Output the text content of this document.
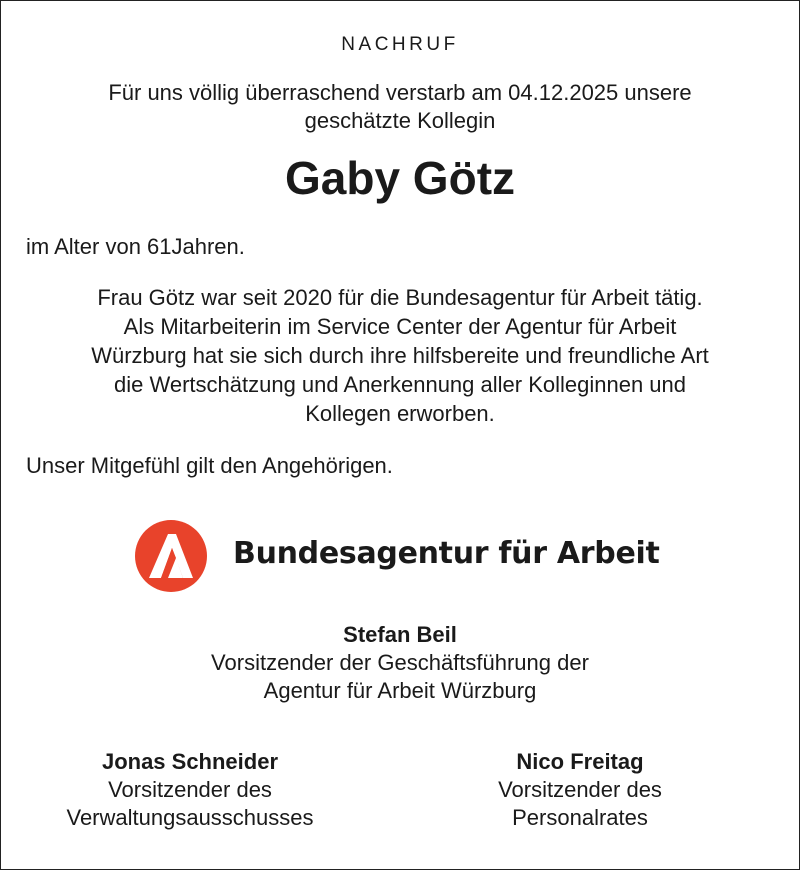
NACHRUF
Für uns völlig überraschend verstarb am 04.12.2025 unsere
geschätzte Kollegin
Gaby Götz
im Alter von 61Jahren.
Frau Götz war seit 2020 für die Bundesagentur für Arbeit tätig.
Als Mitarbeiterin im Service Center der Agentur für Arbeit
Würzburg hat sie sich durch ihre hilfsbereite und freundliche Art
die Wertschätzung und Anerkennung aller Kolleginnen und
Kollegen erworben.
Unser Mitgefühl gilt den Angehörigen.
Bundesagentur für Arbeit
Stefan Beil
Vorsitzender der Geschäftsführung der
Agentur für Arbeit Würzburg
Jonas Schneider
Vorsitzender des
Verwaltungsausschusses
Nico Freitag
Vorsitzender des
Personalrates
